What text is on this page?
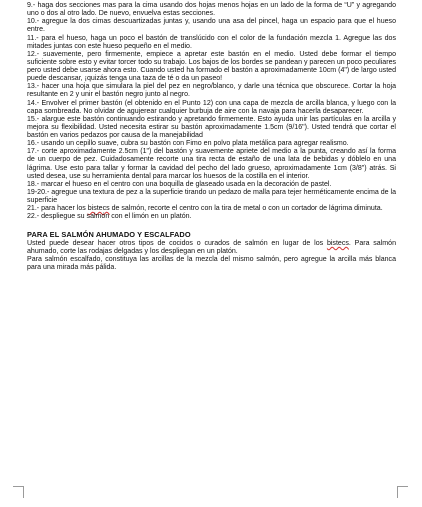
9.- haga dos secciones mas para la cima usando dos hojas menos hojas en un lado de la forma de “U” y agregando uno o dos al otro lado. De nuevo, envuelva estas secciones.

10.- agregue la dos cimas descuartizadas juntas y, usando una asa del pincel, haga un espacio para que el hueso entre.

11.- para el hueso, haga un poco el bastón de translúcido con el color de la fundación mezcla 1. Agregue las dos mitades juntas con este hueso pequeño en el medio.

12.- suavemente, pero firmemente, empiece a apretar este bastón en el medio. Usted debe formar el tiempo suficiente sobre esto y evitar torcer todo su trabajo. Los bajos de los bordes se pandean y parecen un poco peculiares pero usted debe usarse ahora esto. Cuando usted ha formado el bastón a aproximadamente 10cm (4") de largo usted puede descansar, ¡quizás tenga una taza de té o da un paseo!

13.- hacer una hoja que simulara la piel del pez en negro/blanco, y darle una técnica que obscurece. Cortar la hoja resultante en 2 y unir el bastón negro junto al negro.

14.- Envolver el primer bastón (el obtenido en el Punto 12) con una capa de mezcla de arcilla blanca, y luego con la capa sombreada. No olvidar de agujerear cualquier burbuja de aire con la navaja para hacerla desaparecer.

15.- alargue este bastón continuando estirando y apretando firmemente. Esto ayuda unir las partículas en la arcilla y mejora su flexibilidad. Usted necesita estirar su bastón aproximadamente 1.5cm (9/16"). Usted tendrá que cortar el bastón en varios pedazos por causa de la manejabilidad

16.- usando un cepillo suave, cubra su bastón con Fimo en polvo plata metálica para agregar realismo.

17.- corte aproximadamente 2.5cm (1") del bastón y suavemente apriete del medio a la punta, creando así la forma de un cuerpo de pez. Cuidadosamente recorte una tira recta de estaño de una lata de bebidas y dóblelo en una lágrima. Use esto para tallar y formar la cavidad del pecho del lado grueso, aproximadamente 1cm (3/8") atrás. Si usted desea, use su herramienta dental para marcar los huesos de la costilla en el interior.

18.- marcar el hueso en el centro con una boquilla de glaseado usada en la decoración de pastel.

19-20.- agregue una textura de pez a la superficie tirando un pedazo de malla para tejer herméticamente encima de la superficie

21.- para hacer los bistecs de salmón, recorte el centro con la tira de metal o con un cortador de lágrima diminuta.

22.- despliegue su salmón con el limón en un platón.

PARA EL SALMÓN AHUMADO Y ESCALFADO

Usted puede desear hacer otros tipos de cocidos o curados de salmón en lugar de los bistecs. Para salmón ahumado, corte las rodajas delgadas y los despliegan en un platón.

Para salmón escalfado, constituya las arcillas de la mezcla del mismo salmón, pero agregue la arcilla más blanca para una mirada más pálida.
